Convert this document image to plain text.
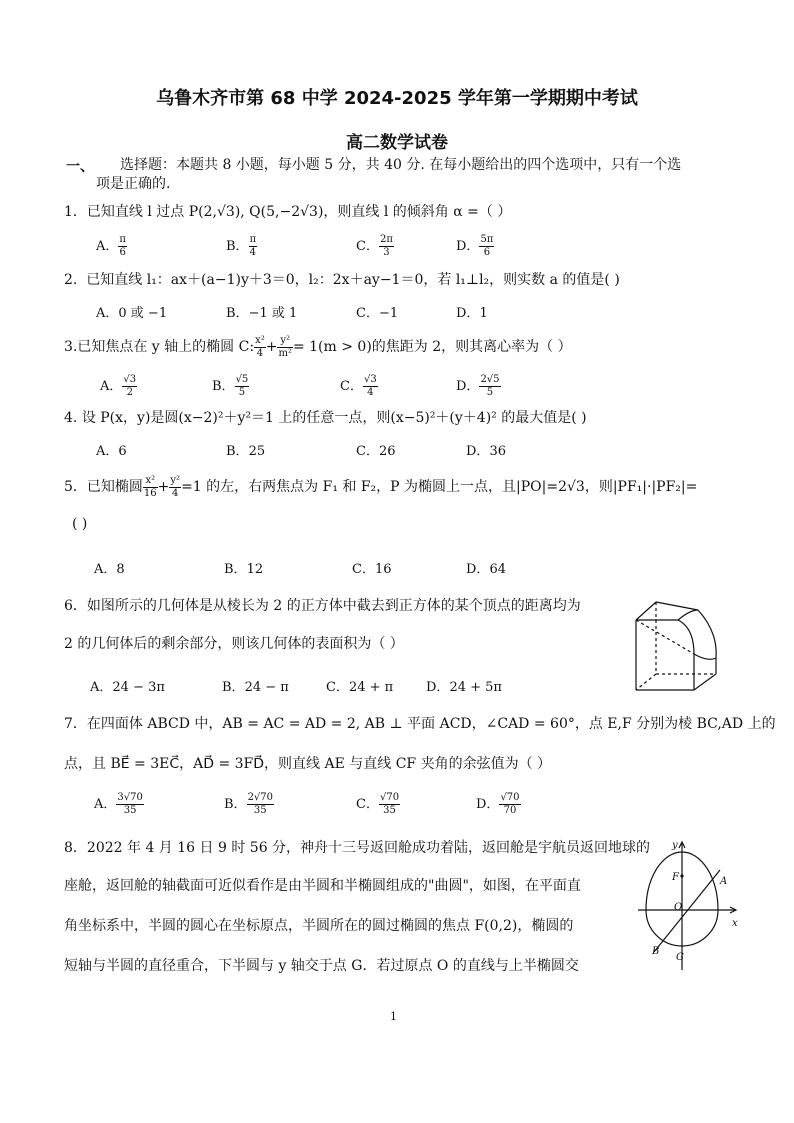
乌鲁木齐市第 68 中学 2024-2025 学年第一学期期中考试
高二数学试卷
一、 选择题：本题共 8 小题，每小题 5 分，共 40 分. 在每小题给出的四个选项中，只有一个选
项是正确的.
1．已知直线 l 过点 P(2,√3), Q(5,−2√3)，则直线 l 的倾斜角 α =（ ）
A． $\frac{\pi}{6}$	B． $\frac{\pi}{4}$	C． $\frac{2\pi}{3}$	D． $\frac{5\pi}{6}$
2. 已知直线 l₁：ax＋(a−1)y＋3＝0，l₂：2x＋ay−1＝0，若 l₁⊥l₂，则实数 a 的值是( )
A．0 或 −1	B．−1 或 1	C．−1	D．1
3.已知焦点在 y 轴上的椭圆 C: $\frac{\text{x²}}{4} + \frac{\text{y²}}{\text{m²}} = 1(m > 0)$的焦距为 2，则其离心率为（ ）
A． $\frac{√3}{2}$	B． $\frac{√5}{5}$	C． $\frac{√3}{4}$	D． $\frac{2√5}{5}$
4. 设 P(x，y)是圆(x−2)²＋y²＝1 上的任意一点，则(x−5)²＋(y＋4)² 的最大值是( )
A．6	B．25	C．26	D．36
5．已知椭圆 $\frac{\text{x²}}{16} + \frac{\text{y²}}{4} =1$ 的左，右两焦点为 F₁ 和 F₂，P 为椭圆上一点，且|PO|=2√3，则|PF₁|·|PF₂|=
( )
A．8	B．12	C．16	D．64
6．如图所示的几何体是从棱长为 2 的正方体中截去到正方体的某个顶点的距离均为
2 的几何体后的剩余部分，则该几何体的表面积为（ ）
A．24 − 3π	B．24 − π	C．24 + π	D．24 + 5π
7．在四面体 ABCD 中，AB = AC = AD = 2, AB ⊥ 平面 ACD，∠CAD = 60°，点 E,F 分别为棱 BC,AD 上的
点，且 BE⃗ = 3EC⃗，AD⃗ = 3FD⃗，则直线 AE 与直线 CF 夹角的余弦值为（ ）
A． $\frac{3√70}{35}$	B． $\frac{2√70}{35}$	C． $\frac{√70}{35}$	D． $\frac{√70}{70}$
8．2022 年 4 月 16 日 9 时 56 分，神舟十三号返回舱成功着陆，返回舱是宇航员返回地球的
座舱，返回舱的轴截面可近似看作是由半圆和半椭圆组成的"曲圆"，如图，在平面直
角坐标系中，半圆的圆心在坐标原点，半圆所在的圆过椭圆的焦点 F(0,2)，椭圆的
短轴与半圆的直径重合，下半圆与 y 轴交于点 G．若过原点 O 的直线与上半椭圆交
y
x
F	A
O
B
G
1
